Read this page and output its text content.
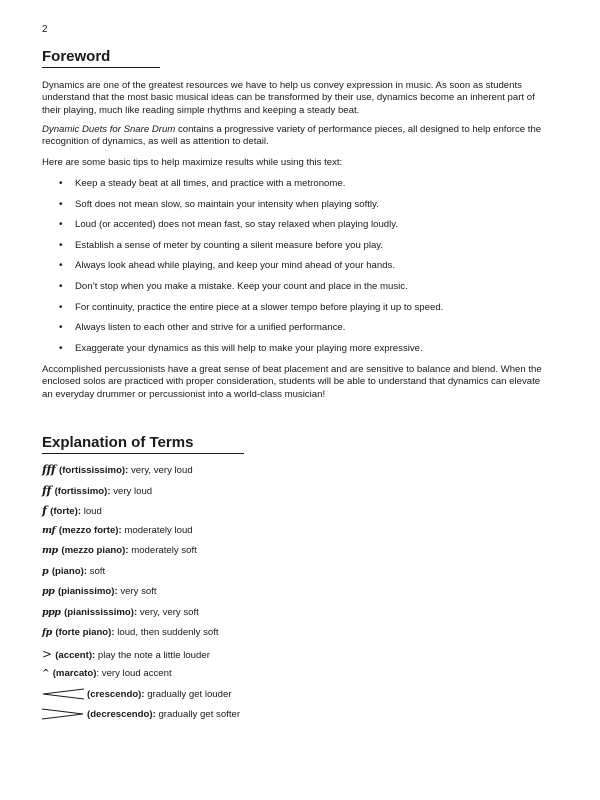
2
Foreword

Dynamics are one of the greatest resources we have to help us convey expression in music. As soon as students understand that the most basic musical ideas can be transformed by their use, dynamics become an inherent part of their playing, much like reading simple rhythms and keeping a steady beat.

Dynamic Duets for Snare Drum contains a progressive variety of performance pieces, all designed to help enforce the recognition of dynamics, as well as attention to detail.

Here are some basic tips to help maximize results while using this text:

• Keep a steady beat at all times, and practice with a metronome.
• Soft does not mean slow, so maintain your intensity when playing softly.
• Loud (or accented) does not mean fast, so stay relaxed when playing loudly.
• Establish a sense of meter by counting a silent measure before you play.
• Always look ahead while playing, and keep your mind ahead of your hands.
• Don’t stop when you make a mistake. Keep your count and place in the music.
• For continuity, practice the entire piece at a slower tempo before playing it up to speed.
• Always listen to each other and strive for a unified performance.
• Exaggerate your dynamics as this will help to make your playing more expressive.

Accomplished percussionists have a great sense of beat placement and are sensitive to balance and blend. When the enclosed solos are practiced with proper consideration, students will be able to understand that dynamics can elevate an everyday drummer or percussionist into a world-class musician!

Explanation of Terms
fff (fortississimo): very, very loud
ff (fortissimo): very loud
f (forte): loud
mf (mezzo forte): moderately loud
mp (mezzo piano): moderately soft
p (piano): soft
pp (pianissimo): very soft
ppp (pianississimo): very, very soft
fp (forte piano): loud, then suddenly soft
> (accent): play the note a little louder
^ (marcato): very loud accent
(crescendo): gradually get louder
(decrescendo): gradually get softer
